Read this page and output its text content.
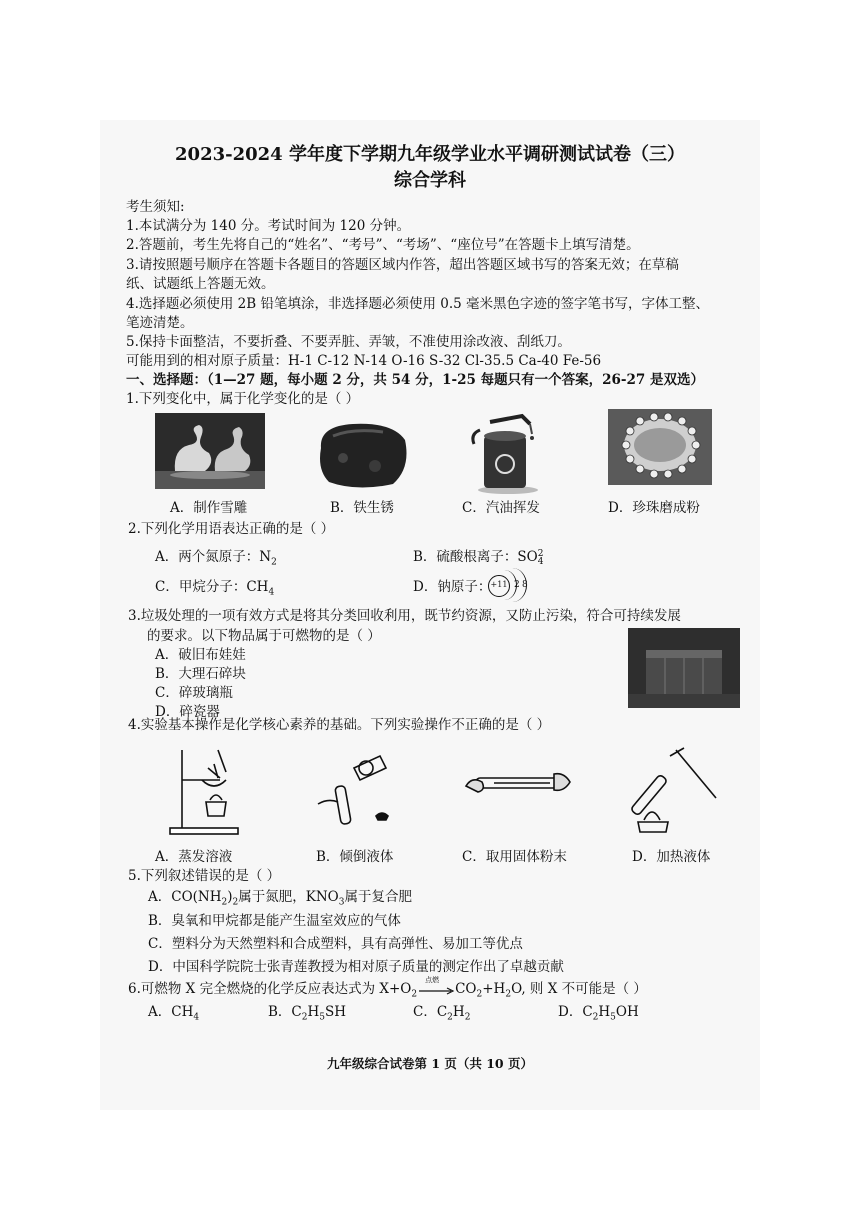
2023-2024 学年度下学期九年级学业水平调研测试试卷（三）
综合学科
考生须知:
1.本试满分为 140 分。考试时间为 120 分钟。
2.答题前，考生先将自己的“姓名”、“考号”、“考场”、“座位号”在答题卡上填写清楚。
3.请按照题号顺序在答题卡各题目的答题区域内作答，超出答题区域书写的答案无效；在草稿
纸、试题纸上答题无效。
4.选择题必须使用 2B 铅笔填涂，非选择题必须使用 0.5 毫米黑色字迹的签字笔书写，字体工整、
笔迹清楚。
5.保持卡面整洁，不要折叠、不要弄脏、弄皱，不准使用涂改液、刮纸刀。
可能用到的相对原子质量：H-1 C-12 N-14 O-16 S-32 Cl-35.5 Ca-40 Fe-56
一、选择题：（1—27 题，每小题 2 分，共 54 分，1-25 每题只有一个答案，26-27 是双选）
1.下列变化中，属于化学变化的是（ ）
A．制作雪雕	B．铁生锈	C．汽油挥发	D．珍珠磨成粉
2.下列化学用语表达正确的是（ ）
A．两个氮原子：$N_2$	B．硫酸根离子：SO 2
4
C．甲烷分子：$CH_4$	D．钠原子： +11 2 8
3.垃圾处理的一项有效方式是将其分类回收利用，既节约资源，又防止污染，符合可持续发展
的要求。以下物品属于可燃物的是（ ）
A．破旧布娃娃
B．大理石碎块
C．碎玻璃瓶
D．碎瓷器
4.实验基本操作是化学核心素养的基础。下列实验操作不正确的是（ ）
A．蒸发溶液	B．倾倒液体	C．取用固体粉末	D．加热液体
5.下列叙述错误的是（ ）
A．$CO(NH_2)_2$属于氮肥，$KNO_3$属于复合肥
B．臭氧和甲烷都是能产生温室效应的气体
C．塑料分为天然塑料和合成塑料，具有高弹性、易加工等优点
D．中国科学院院士张青莲教授为相对原子质量的测定作出了卓越贡献
6.可燃物 X 完全燃烧的化学反应表达式为 $X+O_2$
点燃
$CO_2+H_2O$, 则 X 不可能是（ ）
A．$CH_4$	B．$C_2H_5SH$	C．$C_2H_2$	D．$C_2H_5OH$
九年级综合试卷第 1 页（共 10 页）
